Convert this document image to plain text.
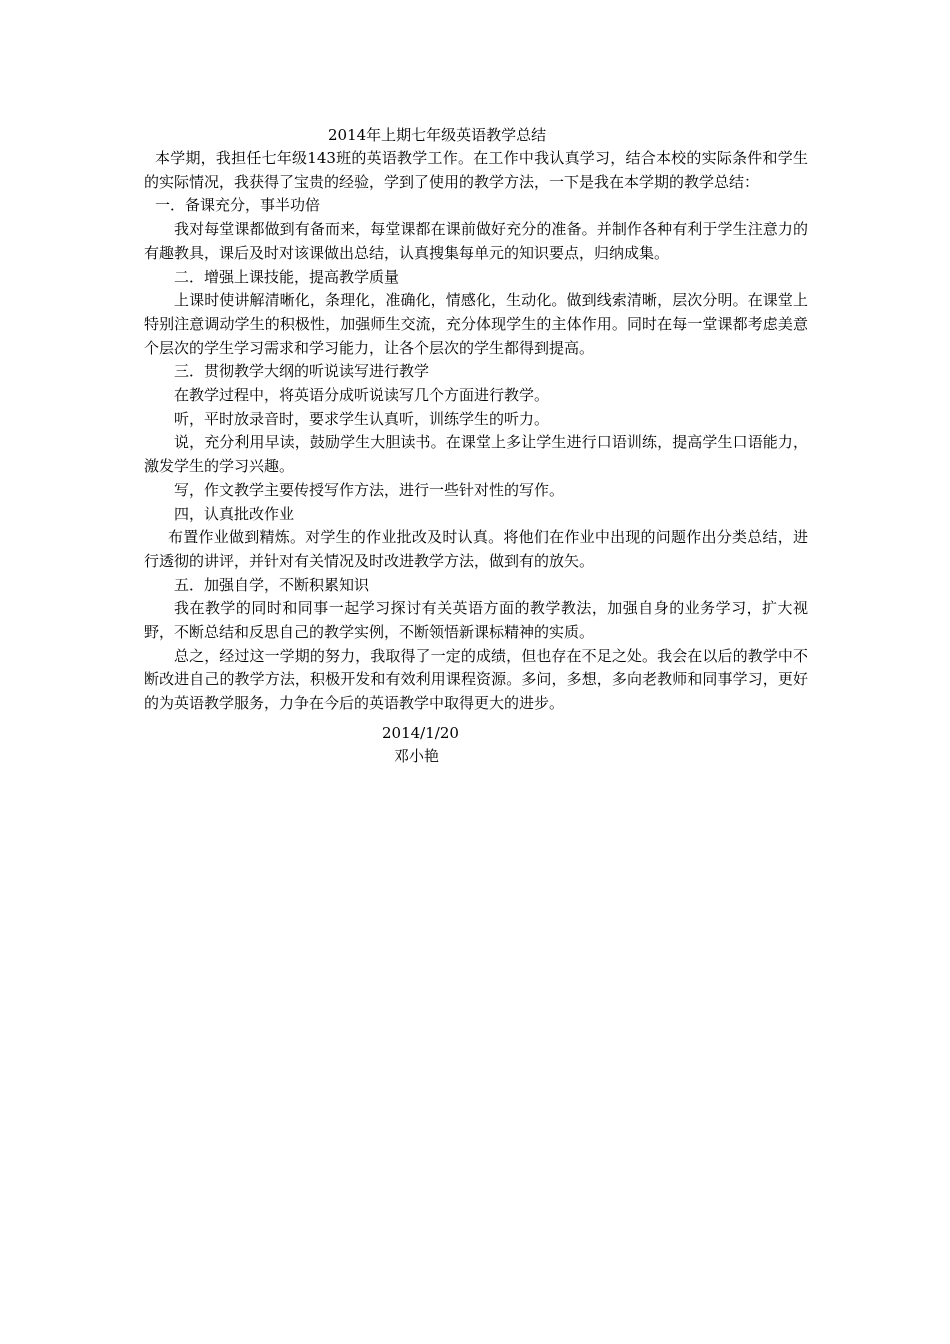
2014年上期七年级英语教学总结

本学期，我担任七年级143班的英语教学工作。在工作中我认真学习，结合本校的实际条件和学生的实际情况，我获得了宝贵的经验，学到了使用的教学方法，一下是我在本学期的教学总结：

一．备课充分，事半功倍

我对每堂课都做到有备而来，每堂课都在课前做好充分的准备。并制作各种有利于学生注意力的有趣教具，课后及时对该课做出总结，认真搜集每单元的知识要点，归纳成集。

二．增强上课技能，提高教学质量

上课时使讲解清晰化，条理化，准确化，情感化，生动化。做到线索清晰，层次分明。在课堂上特别注意调动学生的积极性，加强师生交流，充分体现学生的主体作用。同时在每一堂课都考虑美意个层次的学生学习需求和学习能力，让各个层次的学生都得到提高。

三．贯彻教学大纲的听说读写进行教学

在教学过程中，将英语分成听说读写几个方面进行教学。

听，平时放录音时，要求学生认真听，训练学生的听力。

说，充分利用早读，鼓励学生大胆读书。在课堂上多让学生进行口语训练，提高学生口语能力，激发学生的学习兴趣。

写，作文教学主要传授写作方法，进行一些针对性的写作。

四，认真批改作业

布置作业做到精炼。对学生的作业批改及时认真。将他们在作业中出现的问题作出分类总结，进行透彻的讲评，并针对有关情况及时改进教学方法，做到有的放矢。

五．加强自学，不断积累知识

我在教学的同时和同事一起学习探讨有关英语方面的教学教法，加强自身的业务学习，扩大视野，不断总结和反思自己的教学实例，不断领悟新课标精神的实质。

总之，经过这一学期的努力，我取得了一定的成绩，但也存在不足之处。我会在以后的教学中不断改进自己的教学方法，积极开发和有效利用课程资源。多问，多想，多向老教师和同事学习，更好的为英语教学服务，力争在今后的英语教学中取得更大的进步。

2014/1/20

邓小艳
